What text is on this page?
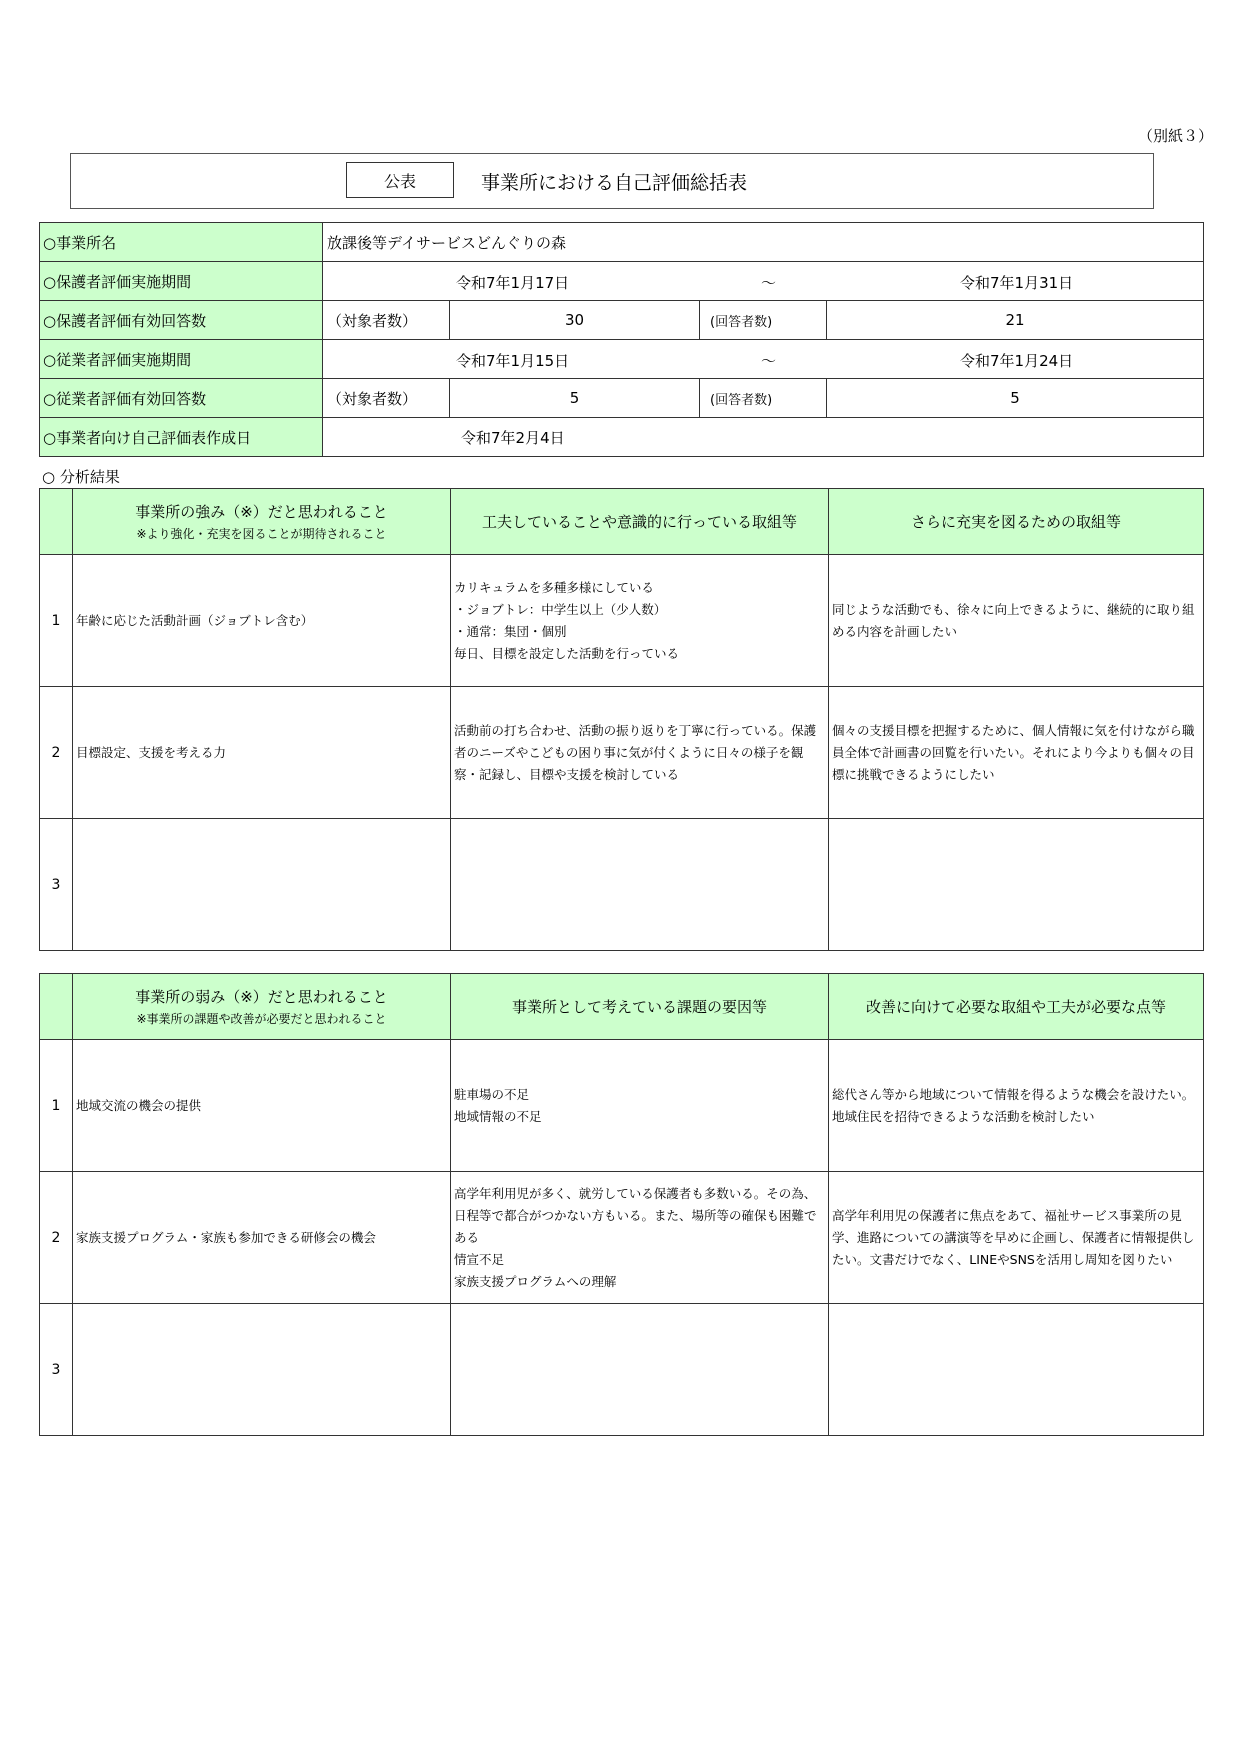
（別紙３）
公表	事業所における自己評価総括表
○事業所名	放課後等デイサービスどんぐりの森			
○保護者評価実施期間	令和7年1月17日 ～ 令和7年1月31日			

○保護者評価有効回答数	（対象者数）	30	(回答者数)	21
○従業者評価実施期間	令和7年1月15日 ～ 令和7年1月24日			

○従業者評価有効回答数	（対象者数）	5	(回答者数)	5
○事業者向け自己評価表作成日	令和7年2月4日			
○ 分析結果
	事業所の強み（※）だと思われること
※より強化・充実を図ることが期待されること	工夫していることや意識的に行っている取組等	さらに充実を図るための取組等
1	年齢に応じた活動計画（ジョブトレ含む）	カリキュラムを多種多様にしている
・ジョブトレ：中学生以上（少人数）
・通常：集団・個別
毎日、目標を設定した活動を行っている	同じような活動でも、徐々に向上できるように、継続的に取り組める内容を計画したい
2	目標設定、支援を考える力	活動前の打ち合わせ、活動の振り返りを丁寧に行っている。保護者のニーズやこどもの困り事に気が付くように日々の様子を観察・記録し、目標や支援を検討している	個々の支援目標を把握するために、個人情報に気を付けながら職員全体で計画書の回覧を行いたい。それにより今よりも個々の目標に挑戦できるようにしたい
3			
	事業所の弱み（※）だと思われること
※事業所の課題や改善が必要だと思われること	事業所として考えている課題の要因等	改善に向けて必要な取組や工夫が必要な点等
1	地域交流の機会の提供	駐車場の不足
地域情報の不足	総代さん等から地域について情報を得るような機会を設けたい。地域住民を招待できるような活動を検討したい
2	家族支援プログラム・家族も参加できる研修会の機会	高学年利用児が多く、就労している保護者も多数いる。その為、日程等で都合がつかない方もいる。また、場所等の確保も困難である
情宣不足
家族支援プログラムへの理解	高学年利用児の保護者に焦点をあて、福祉サービス事業所の見学、進路についての講演等を早めに企画し、保護者に情報提供したい。文書だけでなく、LINEやSNSを活用し周知を図りたい
3			
